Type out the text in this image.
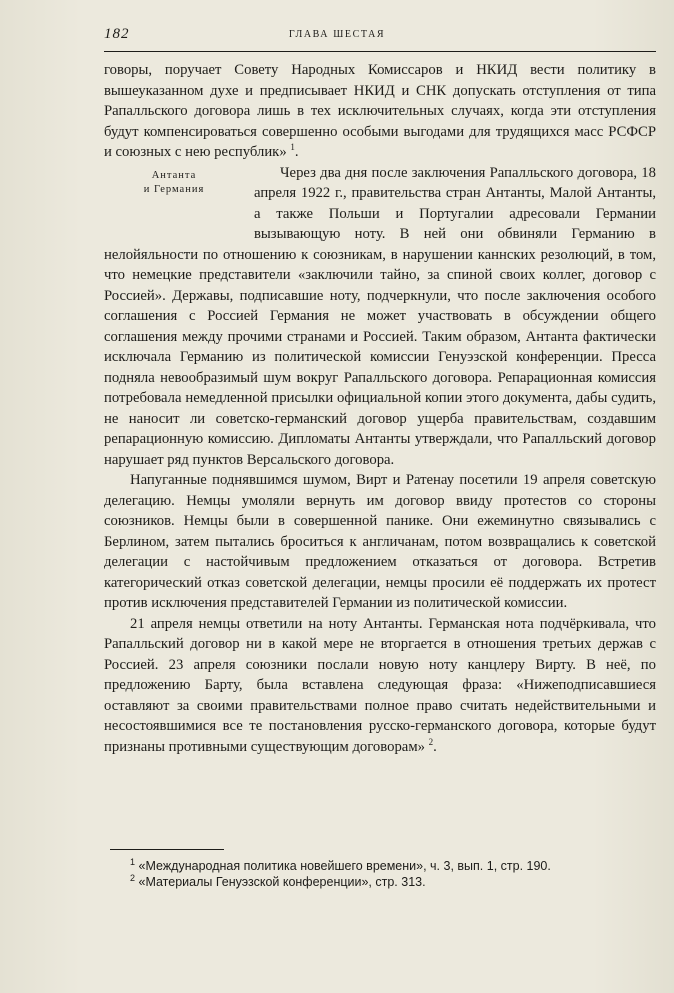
182	ГЛАВА ШЕСТАЯ

говоры, поручает Совету Народных Комиссаров и НКИД вести политику в вышеуказанном духе и предписывает НКИД и СНК допускать отступления от типа Рапалльского договора лишь в тех исключительных случаях, когда эти отступления будут компенсироваться совершенно особыми выгодами для трудящихся масс РСФСР и союзных с нею республик» $^1$.

Антанта
и Германия
Через два дня после заключения Рапалльского договора, 18 апреля 1922 г., правительства стран Антанты, Малой Антанты, а также Польши и Португалии адресовали Германии вызывающую ноту. В ней они обвиняли Германию в нелойяльности по отношению к союзникам, в нарушении каннских резолюций, в том, что немецкие представители «заключили тайно, за спиной своих коллег, договор с Россией». Державы, подписавшие ноту, подчеркнули, что после заключения особого соглашения с Россией Германия не может участвовать в обсуждении общего соглашения между прочими странами и Россией. Таким образом, Антанта фактически исключала Германию из политической комиссии Генуэзской конференции. Пресса подняла невообразимый шум вокруг Рапалльского договора. Репарационная комиссия потребовала немедленной присылки официальной копии этого документа, дабы судить, не наносит ли советско-германский договор ущерба правительствам, создавшим репарационную комиссию. Дипломаты Антанты утверждали, что Рапалльский договор нарушает ряд пунктов Версальского договора.

Напуганные поднявшимся шумом, Вирт и Ратенау посетили 19 апреля советскую делегацию. Немцы умоляли вернуть им договор ввиду протестов со стороны союзников. Немцы были в совершенной панике. Они ежеминутно связывались с Берлином, затем пытались броситься к англичанам, потом возвращались к советской делегации с настойчивым предложением отказаться от договора. Встретив категорический отказ советской делегации, немцы просили её поддержать их протест против исключения представителей Германии из политической комиссии.

21 апреля немцы ответили на ноту Антанты. Германская нота подчёркивала, что Рапалльский договор ни в какой мере не вторгается в отношения третьих держав с Россией. 23 апреля союзники послали новую ноту канцлеру Вирту. В неё, по предложению Барту, была вставлена следующая фраза: «Нижеподписавшиеся оставляют за своими правительствами полное право считать недействительными и несостоявшимися все те постановления русско-германского договора, которые будут признаны противными существующим договорам» $^2$.

$^1$ «Международная политика новейшего времени», ч. 3, вып. 1, стр. 190.

$^2$ «Материалы Генуэзской конференции», стр. 313.
